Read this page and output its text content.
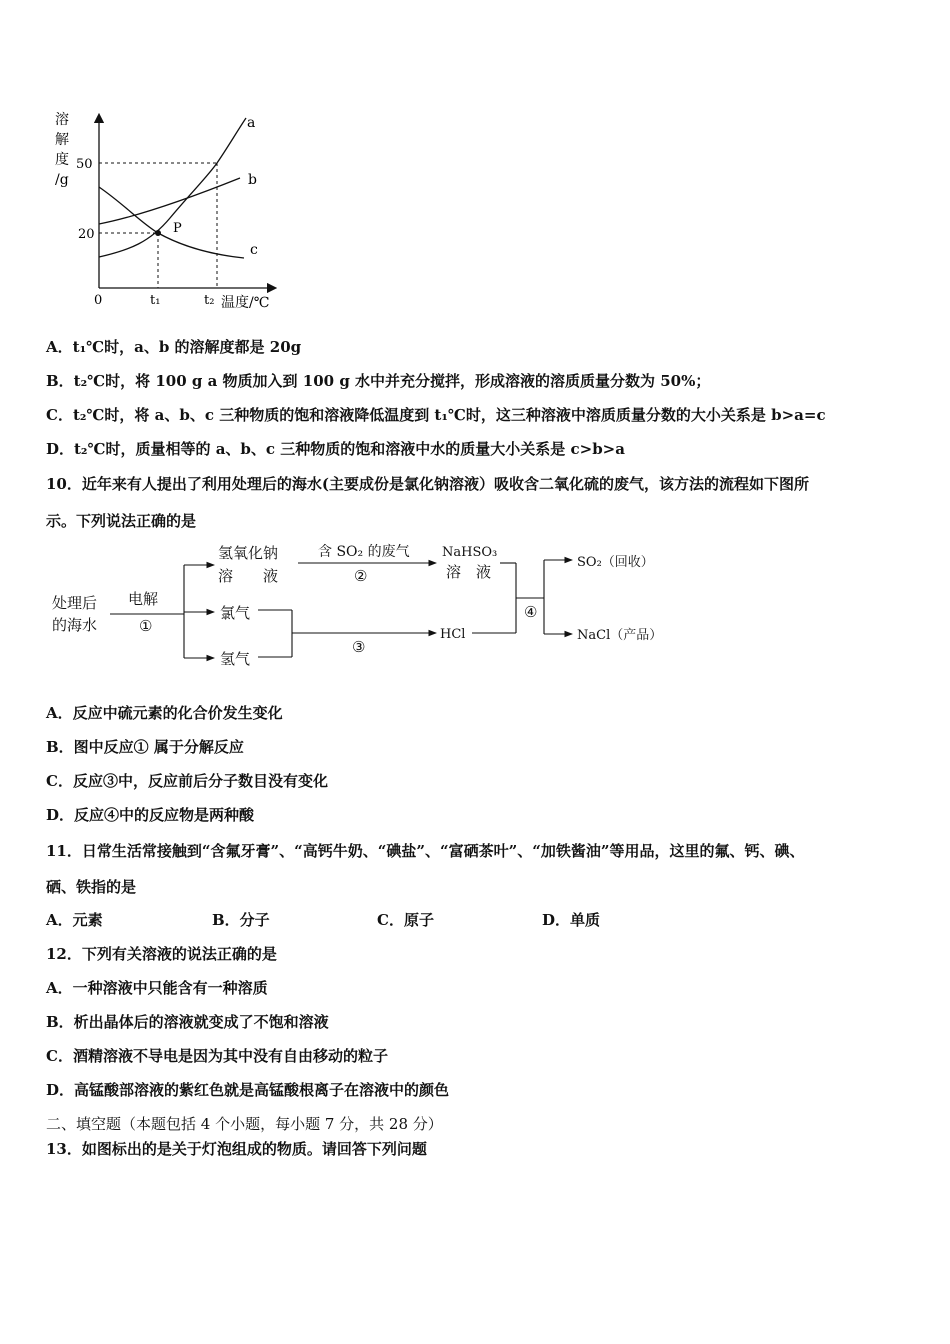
溶
解
度
/g
50
20
0	t₁	t₂ 温度/℃
P
a
b
c
A．t₁℃时，a、b 的溶解度都是 20g
B．t₂℃时，将 100 g a 物质加入到 100 g 水中并充分搅拌，形成溶液的溶质质量分数为 50%；
C．t₂℃时，将 a、b、c 三种物质的饱和溶液降低温度到 t₁℃时，这三种溶液中溶质质量分数的大小关系是 b>a=c
D．t₂℃时，质量相等的 a、b、c 三种物质的饱和溶液中水的质量大小关系是 c>b>a
10．近年来有人提出了利用处理后的海水(主要成份是氯化钠溶液）吸收含二氧化硫的废气，该方法的流程如下图所
示。下列说法正确的是
处理后
的海水
电解
①
氢氧化钠
溶　　液
含 SO₂ 的废气
②
NaHSO₃
溶　液
氯气
氢气
③
HCl
④
SO₂（回收）
NaCl（产品）
A．反应中硫元素的化合价发生变化
B．图中反应① 属于分解反应
C．反应③中，反应前后分子数目没有变化
D．反应④中的反应物是两种酸
11．日常生活常接触到“含氟牙膏”、“高钙牛奶、“碘盐”、“富硒茶叶”、“加铁酱油”等用品，这里的氟、钙、碘、
硒、铁指的是
A．元素	B．分子	C．原子	D．单质
12．下列有关溶液的说法正确的是
A．一种溶液中只能含有一种溶质
B．析出晶体后的溶液就变成了不饱和溶液
C．酒精溶液不导电是因为其中没有自由移动的粒子
D．高锰酸部溶液的紫红色就是高锰酸根离子在溶液中的颜色
二、填空题（本题包括 4 个小题，每小题 7 分，共 28 分）
13．如图标出的是关于灯泡组成的物质。请回答下列问题
